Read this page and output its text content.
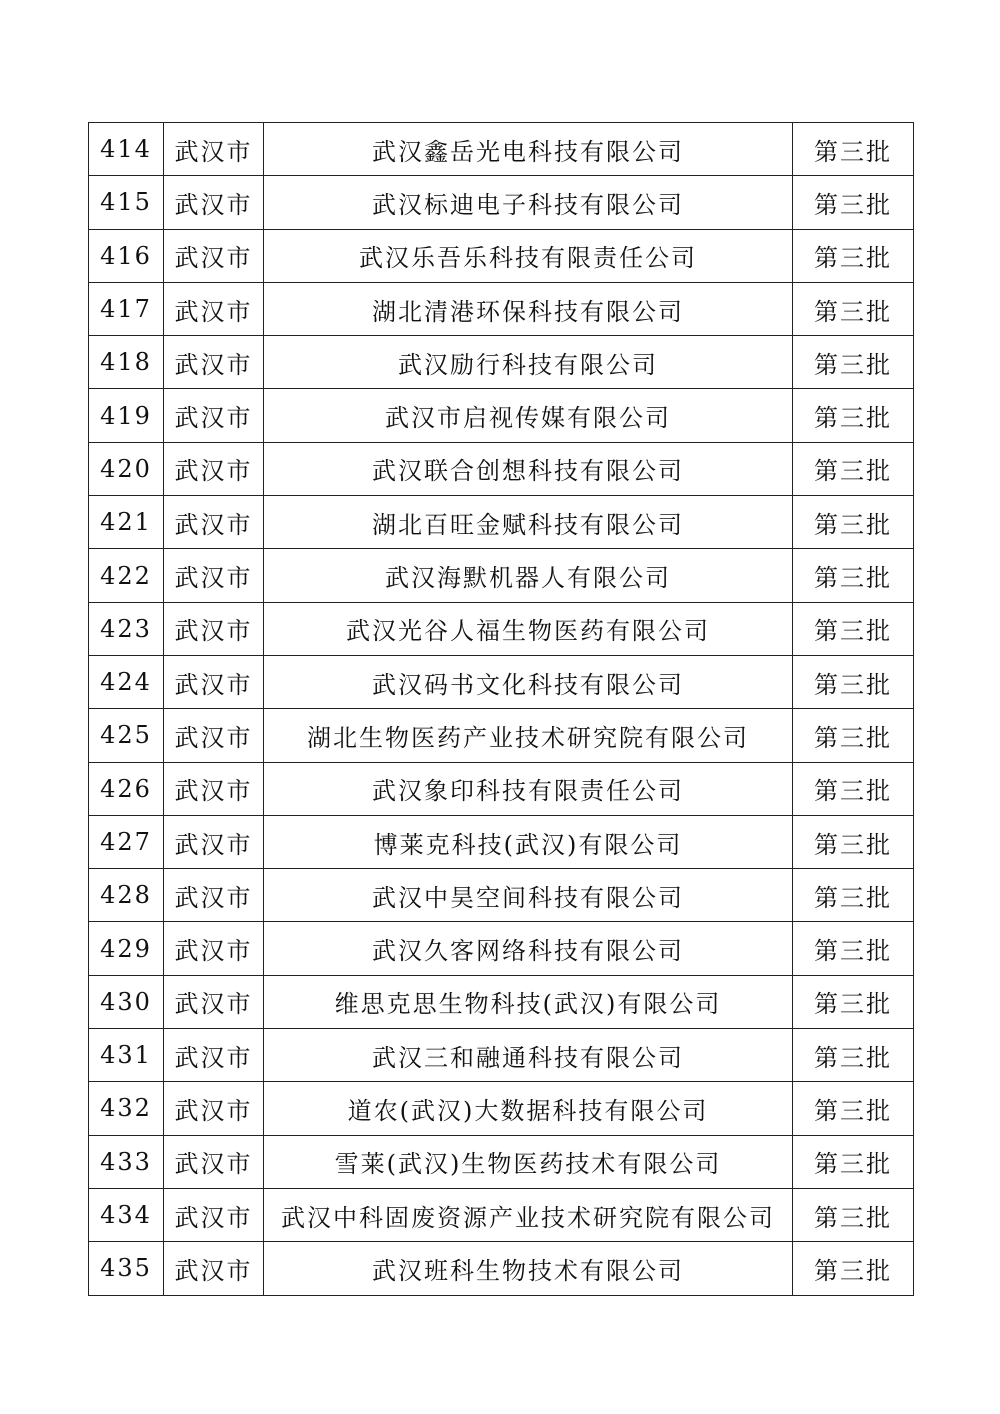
414	武汉市	武汉鑫岳光电科技有限公司	第三批
415	武汉市	武汉标迪电子科技有限公司	第三批
416	武汉市	武汉乐吾乐科技有限责任公司	第三批
417	武汉市	湖北清港环保科技有限公司	第三批
418	武汉市	武汉励行科技有限公司	第三批
419	武汉市	武汉市启视传媒有限公司	第三批
420	武汉市	武汉联合创想科技有限公司	第三批
421	武汉市	湖北百旺金赋科技有限公司	第三批
422	武汉市	武汉海默机器人有限公司	第三批
423	武汉市	武汉光谷人福生物医药有限公司	第三批
424	武汉市	武汉码书文化科技有限公司	第三批
425	武汉市	湖北生物医药产业技术研究院有限公司	第三批
426	武汉市	武汉象印科技有限责任公司	第三批
427	武汉市	博莱克科技(武汉)有限公司	第三批
428	武汉市	武汉中昊空间科技有限公司	第三批
429	武汉市	武汉久客网络科技有限公司	第三批
430	武汉市	维思克思生物科技(武汉)有限公司	第三批
431	武汉市	武汉三和融通科技有限公司	第三批
432	武汉市	道农(武汉)大数据科技有限公司	第三批
433	武汉市	雪莱(武汉)生物医药技术有限公司	第三批
434	武汉市	武汉中科固废资源产业技术研究院有限公司	第三批
435	武汉市	武汉班科生物技术有限公司	第三批
